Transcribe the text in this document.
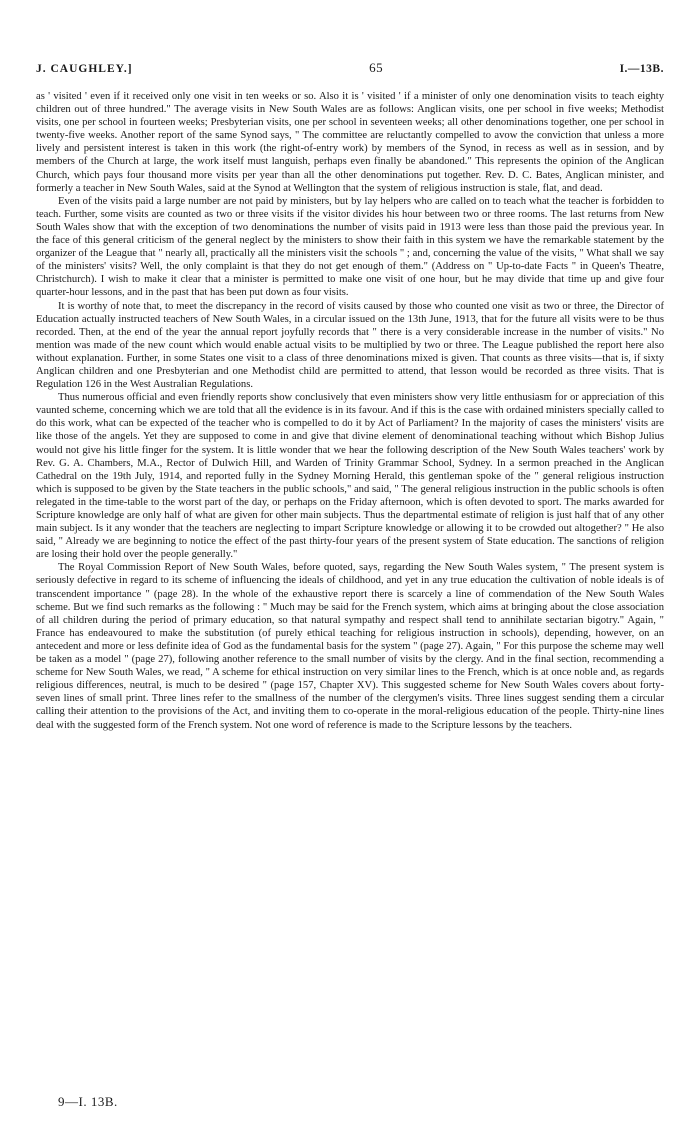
J. CAUGHLEY.]	65	I.—13B.

as ' visited ' even if it received only one visit in ten weeks or so. Also it is ' visited ' if a minister of only one denomination visits to teach eighty children out of three hundred." The average visits in New South Wales are as follows: Anglican visits, one per school in five weeks; Methodist visits, one per school in fourteen weeks; Presbyterian visits, one per school in seventeen weeks; all other denominations together, one per school in twenty-five weeks. Another report of the same Synod says, " The committee are reluctantly compelled to avow the conviction that unless a more lively and persistent interest is taken in this work (the right-of-entry work) by members of the Synod, in recess as well as in session, and by members of the Church at large, the work itself must languish, perhaps even finally be abandoned." This represents the opinion of the Anglican Church, which pays four thousand more visits per year than all the other denominations put together. Rev. D. C. Bates, Anglican minister, and formerly a teacher in New South Wales, said at the Synod at Wellington that the system of religious instruction is stale, flat, and dead.

Even of the visits paid a large number are not paid by ministers, but by lay helpers who are called on to teach what the teacher is forbidden to teach. Further, some visits are counted as two or three visits if the visitor divides his hour between two or three rooms. The last returns from New South Wales show that with the exception of two denominations the number of visits paid in 1913 were less than those paid the previous year. In the face of this general criticism of the general neglect by the ministers to show their faith in this system we have the remarkable statement by the organizer of the League that " nearly all, practically all the ministers visit the schools " ; and, concerning the value of the visits, " What shall we say of the ministers' visits? Well, the only complaint is that they do not get enough of them." (Address on " Up-to-date Facts " in Queen's Theatre, Christchurch). I wish to make it clear that a minister is permitted to make one visit of one hour, but he may divide that time up and give four quarter-hour lessons, and in the past that has been put down as four visits.

It is worthy of note that, to meet the discrepancy in the record of visits caused by those who counted one visit as two or three, the Director of Education actually instructed teachers of New South Wales, in a circular issued on the 13th June, 1913, that for the future all visits were to be thus recorded. Then, at the end of the year the annual report joyfully records that " there is a very considerable increase in the number of visits." No mention was made of the new count which would enable actual visits to be multiplied by two or three. The League published the report here also without explanation. Further, in some States one visit to a class of three denominations mixed is given. That counts as three visits—that is, if sixty Anglican children and one Presbyterian and one Methodist child are permitted to attend, that lesson would be recorded as three visits. That is Regulation 126 in the West Australian Regulations.

Thus numerous official and even friendly reports show conclusively that even ministers show very little enthusiasm for or appreciation of this vaunted scheme, concerning which we are told that all the evidence is in its favour. And if this is the case with ordained ministers specially called to do this work, what can be expected of the teacher who is compelled to do it by Act of Parliament? In the majority of cases the ministers' visits are like those of the angels. Yet they are supposed to come in and give that divine element of denominational teaching without which Bishop Julius would not give his little finger for the system. It is little wonder that we hear the following description of the New South Wales teachers' work by Rev. G. A. Chambers, M.A., Rector of Dulwich Hill, and Warden of Trinity Grammar School, Sydney. In a sermon preached in the Anglican Cathedral on the 19th July, 1914, and reported fully in the Sydney Morning Herald, this gentleman spoke of the " general religious instruction which is supposed to be given by the State teachers in the public schools," and said, " The general religious instruction in the public schools is often relegated in the time-table to the worst part of the day, or perhaps on the Friday afternoon, which is often devoted to sport. The marks awarded for Scripture knowledge are only half of what are given for other main subjects. Thus the departmental estimate of religion is just half that of any other main subject. Is it any wonder that the teachers are neglecting to impart Scripture knowledge or allowing it to be crowded out altogether? " He also said, " Already we are beginning to notice the effect of the past thirty-four years of the present system of State education. The sanctions of religion are losing their hold over the people generally."

The Royal Commission Report of New South Wales, before quoted, says, regarding the New South Wales system, " The present system is seriously defective in regard to its scheme of influencing the ideals of childhood, and yet in any true education the cultivation of noble ideals is of transcendent importance " (page 28). In the whole of the exhaustive report there is scarcely a line of commendation of the New South Wales scheme. But we find such remarks as the following : " Much may be said for the French system, which aims at bringing about the close association of all children during the period of primary education, so that natural sympathy and respect shall tend to annihilate sectarian bigotry." Again, " France has endeavoured to make the substitution (of purely ethical teaching for religious instruction in schools), depending, however, on an antecedent and more or less definite idea of God as the fundamental basis for the system " (page 27). Again, " For this purpose the scheme may well be taken as a model " (page 27), following another reference to the small number of visits by the clergy. And in the final section, recommending a scheme for New South Wales, we read, " A scheme for ethical instruction on very similar lines to the French, which is at once noble and, as regards religious differences, neutral, is much to be desired " (page 157, Chapter XV). This suggested scheme for New South Wales covers about forty-seven lines of small print. Three lines refer to the smallness of the number of the clergymen's visits. Three lines suggest sending them a circular calling their attention to the provisions of the Act, and inviting them to co-operate in the moral-religious education of the people. Thirty-nine lines deal with the suggested form of the French system. Not one word of reference is made to the Scripture lessons by the teachers.

9—I. 13B.
